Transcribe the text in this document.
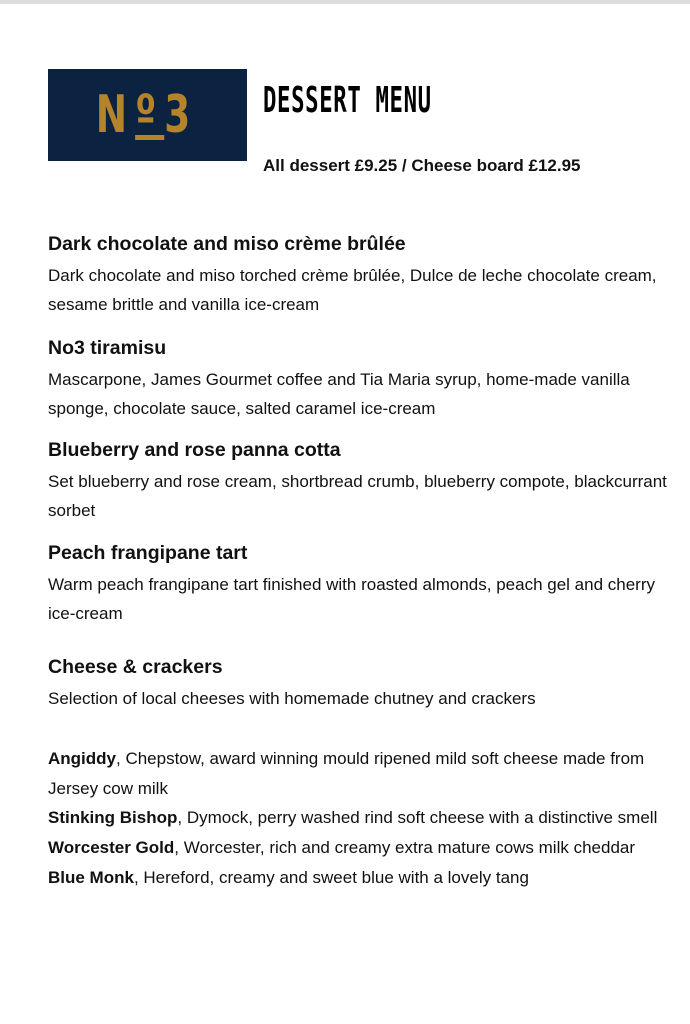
Nº3 DESSERT MENU
All dessert £9.25 / Cheese board £12.95
Dark chocolate and miso crème brûlée

Dark chocolate and miso torched crème brûlée, Dulce de leche chocolate cream, sesame brittle and vanilla ice-cream

No3 tiramisu

Mascarpone, James Gourmet coffee and Tia Maria syrup, home-made vanilla sponge, chocolate sauce, salted caramel ice-cream

Blueberry and rose panna cotta

Set blueberry and rose cream, shortbread crumb, blueberry compote, blackcurrant sorbet

Peach frangipane tart

Warm peach frangipane tart finished with roasted almonds, peach gel and cherry ice-cream

Cheese & crackers

Selection of local cheeses with homemade chutney and crackers

Angiddy, Chepstow, award winning mould ripened mild soft cheese made from Jersey cow milk
Stinking Bishop, Dymock, perry washed rind soft cheese with a distinctive smell
Worcester Gold, Worcester, rich and creamy extra mature cows milk cheddar
Blue Monk, Hereford, creamy and sweet blue with a lovely tang
